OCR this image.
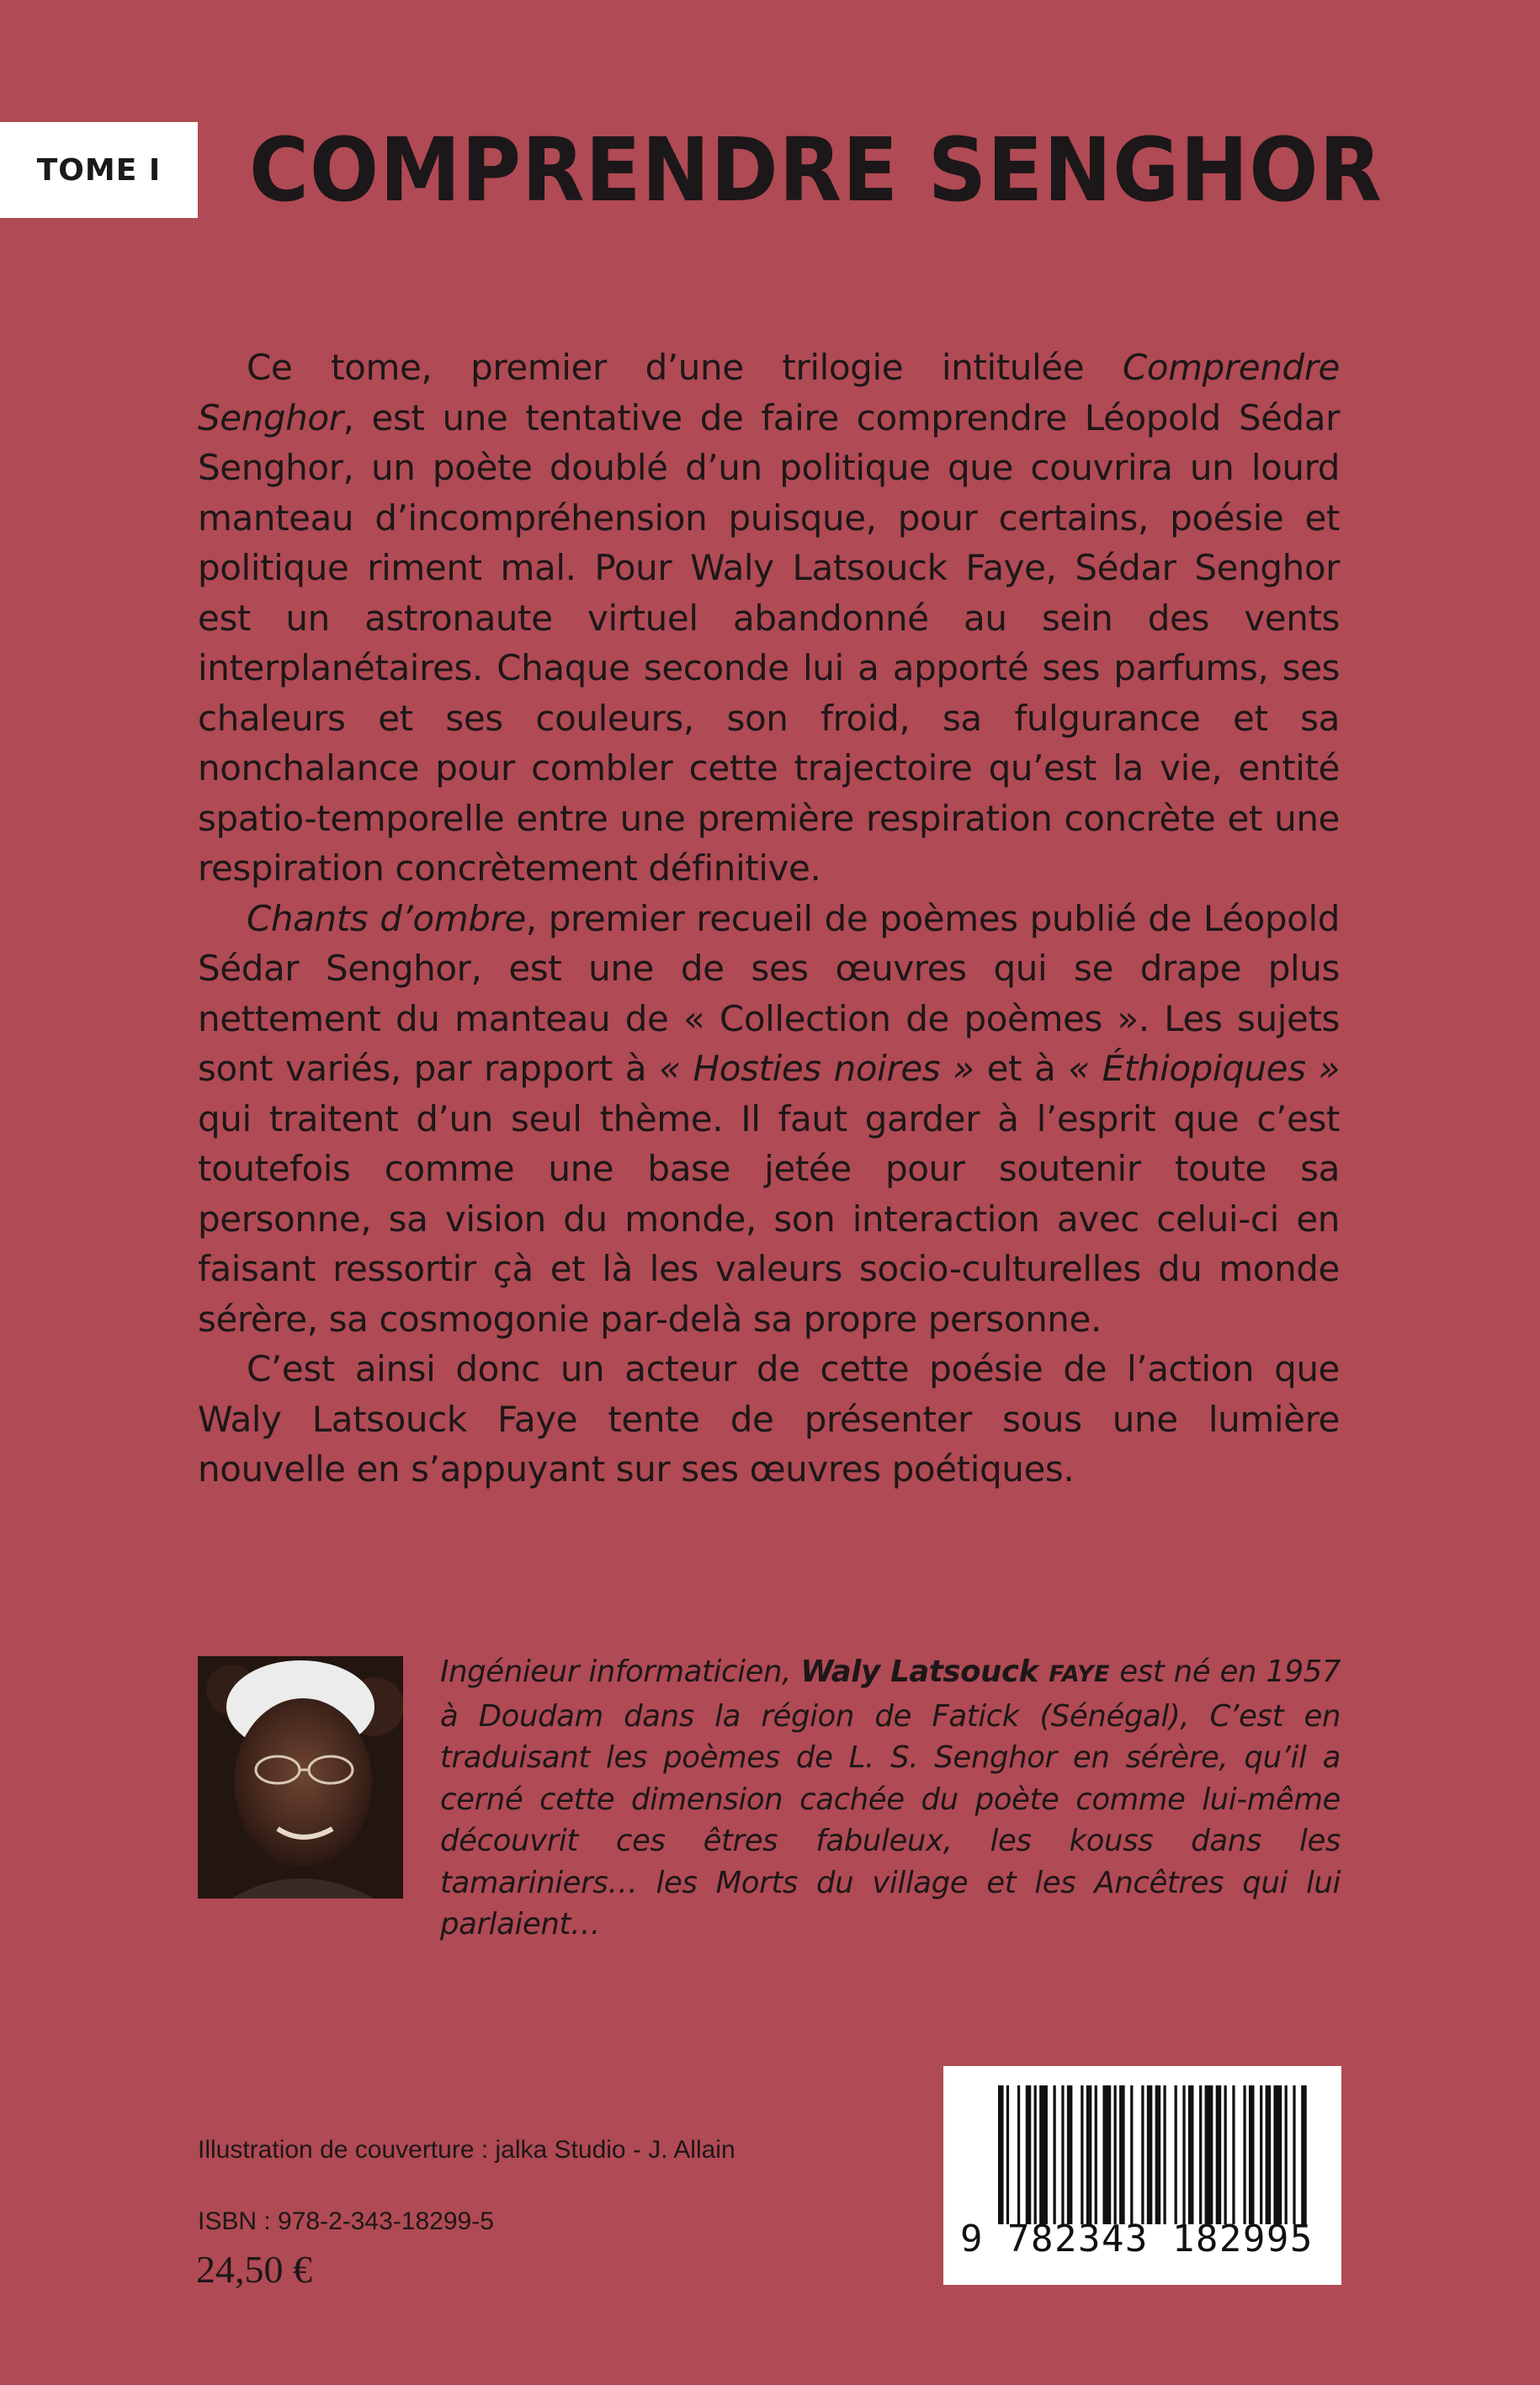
TOME I COMPRENDRE SENGHOR

Ce tome, premier d’une trilogie intitulée Comprendre Senghor, est une tentative de faire comprendre Léopold Sédar Senghor, un poète doublé d’un politique que couvrira un lourd manteau d’incompréhension puisque, pour certains, poésie et politique riment mal. Pour Waly Latsouck Faye, Sédar Senghor est un astronaute virtuel abandonné au sein des vents interplanétaires. Chaque seconde lui a apporté ses parfums, ses chaleurs et ses couleurs, son froid, sa fulgurance et sa nonchalance pour combler cette trajectoire qu’est la vie, entité spatio-temporelle entre une première respiration concrète et une respiration concrètement définitive.

Chants d’ombre, premier recueil de poèmes publié de Léopold Sédar Senghor, est une de ses œuvres qui se drape plus nettement du manteau de « Collection de poèmes ». Les sujets sont variés, par rapport à « Hosties noires » et à « Éthiopiques » qui traitent d’un seul thème. Il faut garder à l’esprit que c’est toutefois comme une base jetée pour soutenir toute sa personne, sa vision du monde, son interaction avec celui-ci en faisant ressortir çà et là les valeurs socio-culturelles du monde sérère, sa cosmogonie par-delà sa propre personne.

C’est ainsi donc un acteur de cette poésie de l’action que Waly Latsouck Faye tente de présenter sous une lumière nouvelle en s’appuyant sur ses œuvres poétiques.

Ingénieur informaticien, Waly Latsouck FAYE est né en 1957 à Doudam dans la région de Fatick (Sénégal), C’est en traduisant les poèmes de L. S. Senghor en sérère, qu’il a cerné cette dimension cachée du poète comme lui-même découvrit ces êtres fabuleux, les kouss dans les tamariniers… les Morts du village et les Ancêtres qui lui parlaient…

Illustration de couverture : jalka Studio - J. Allain

ISBN : 978-2-343-18299-5

24,50 €

9 782343 182995
